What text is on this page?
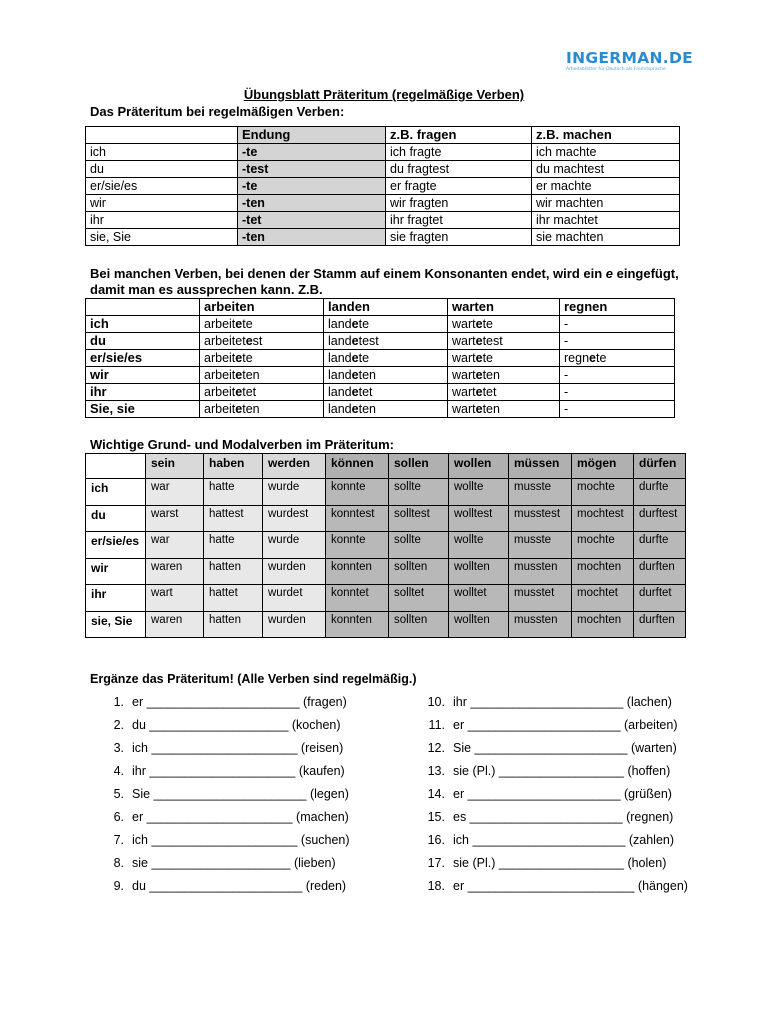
INGERMAN.DE
Arbeitsblätter für Deutsch als Fremdsprache
Übungsblatt Präteritum (regelmäßige Verben)
Das Präteritum bei regelmäßigen Verben:
	Endung	z.B. fragen	z.B. machen
ich	-te	ich fragte	ich machte
du	-test	du fragtest	du machtest
er/sie/es	-te	er fragte	er machte
wir	-ten	wir fragten	wir machten
ihr	-tet	ihr fragtet	ihr machtet
sie, Sie	-ten	sie fragten	sie machten
Bei manchen Verben, bei denen der Stamm auf einem Konsonanten endet, wird ein e eingefügt, damit man es aussprechen kann. Z.B.
	arbeiten	landen	warten	regnen
ich	arbeitete	landete	wartete	-
du	arbeitetest	landetest	wartetest	-
er/sie/es	arbeitete	landete	wartete	regnete
wir	arbeiteten	landeten	warteten	-
ihr	arbeitetet	landetet	wartetet	-
Sie, sie	arbeiteten	landeten	warteten	-
Wichtige Grund- und Modalverben im Präteritum:
	sein	haben	werden	können	sollen	wollen	müssen	mögen	dürfen
ich	war	hatte	wurde	konnte	sollte	wollte	musste	mochte	durfte
du	warst	hattest	wurdest	konntest	solltest	wolltest	musstest	mochtest	durftest
er/sie/es	war	hatte	wurde	konnte	sollte	wollte	musste	mochte	durfte
wir	waren	hatten	wurden	konnten	sollten	wollten	mussten	mochten	durften
ihr	wart	hattet	wurdet	konntet	solltet	wolltet	musstet	mochtet	durftet
sie, Sie	waren	hatten	wurden	konnten	sollten	wollten	mussten	mochten	durften
Ergänze das Präteritum! (Alle Verben sind regelmäßig.)
1. er ______________________ (fragen)
2. du ____________________ (kochen)
3. ich _____________________ (reisen)
4. ihr _____________________ (kaufen)
5. Sie ______________________ (legen)
6. er _____________________ (machen)
7. ich _____________________ (suchen)
8. sie ____________________ (lieben)
9. du ______________________ (reden)
10. ihr ______________________ (lachen)
11. er ______________________ (arbeiten)
12. Sie ______________________ (warten)
13. sie (Pl.) __________________ (hoffen)
14. er ______________________ (grüßen)
15. es ______________________ (regnen)
16. ich ______________________ (zahlen)
17. sie (Pl.) __________________ (holen)
18. er ________________________ (hängen)
